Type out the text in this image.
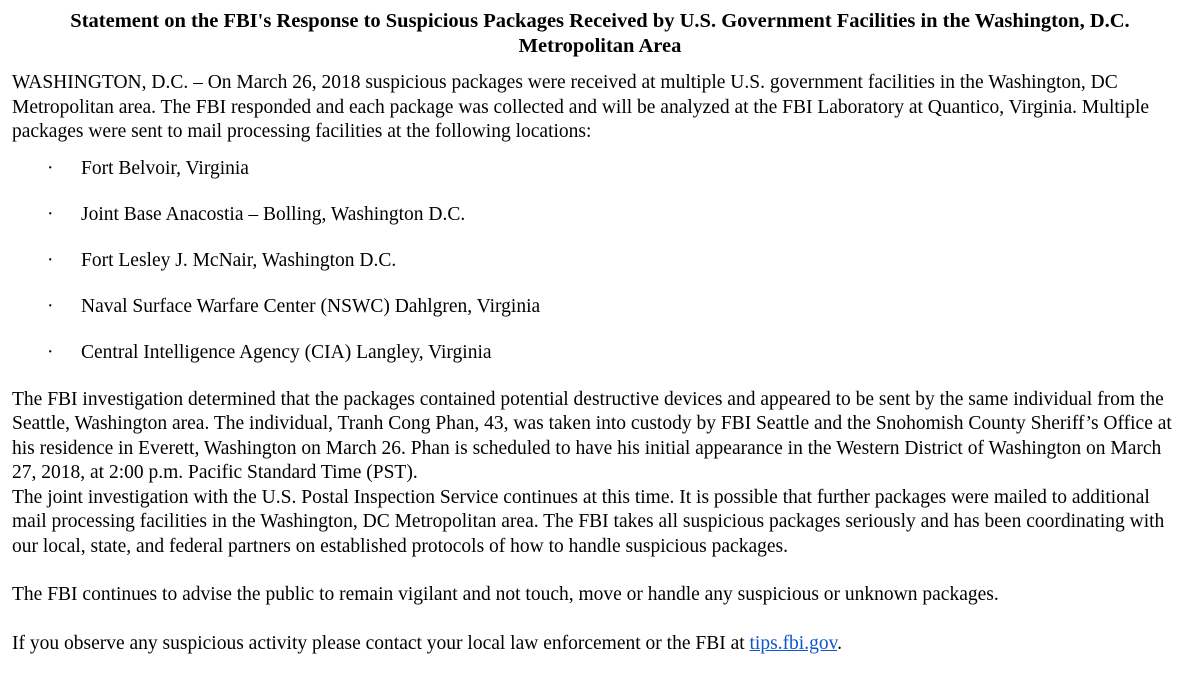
Statement on the FBI's Response to Suspicious Packages Received by U.S. Government Facilities in the Washington, D.C. Metropolitan Area

WASHINGTON, D.C. – On March 26, 2018 suspicious packages were received at multiple U.S. government facilities in the Washington, DC Metropolitan area. The FBI responded and each package was collected and will be analyzed at the FBI Laboratory at Quantico, Virginia. Multiple packages were sent to mail processing facilities at the following locations:

· Fort Belvoir, Virginia
· Joint Base Anacostia – Bolling, Washington D.C.
· Fort Lesley J. McNair, Washington D.C.
· Naval Surface Warfare Center (NSWC) Dahlgren, Virginia
· Central Intelligence Agency (CIA) Langley, Virginia

The FBI investigation determined that the packages contained potential destructive devices and appeared to be sent by the same individual from the Seattle, Washington area. The individual, Tranh Cong Phan, 43, was taken into custody by FBI Seattle and the Snohomish County Sheriff’s Office at his residence in Everett, Washington on March 26. Phan is scheduled to have his initial appearance in the Western District of Washington on March 27, 2018, at 2:00 p.m. Pacific Standard Time (PST).

The joint investigation with the U.S. Postal Inspection Service continues at this time. It is possible that further packages were mailed to additional mail processing facilities in the Washington, DC Metropolitan area. The FBI takes all suspicious packages seriously and has been coordinating with our local, state, and federal partners on established protocols of how to handle suspicious packages.

The FBI continues to advise the public to remain vigilant and not touch, move or handle any suspicious or unknown packages.

If you observe any suspicious activity please contact your local law enforcement or the FBI at tips.fbi.gov.
